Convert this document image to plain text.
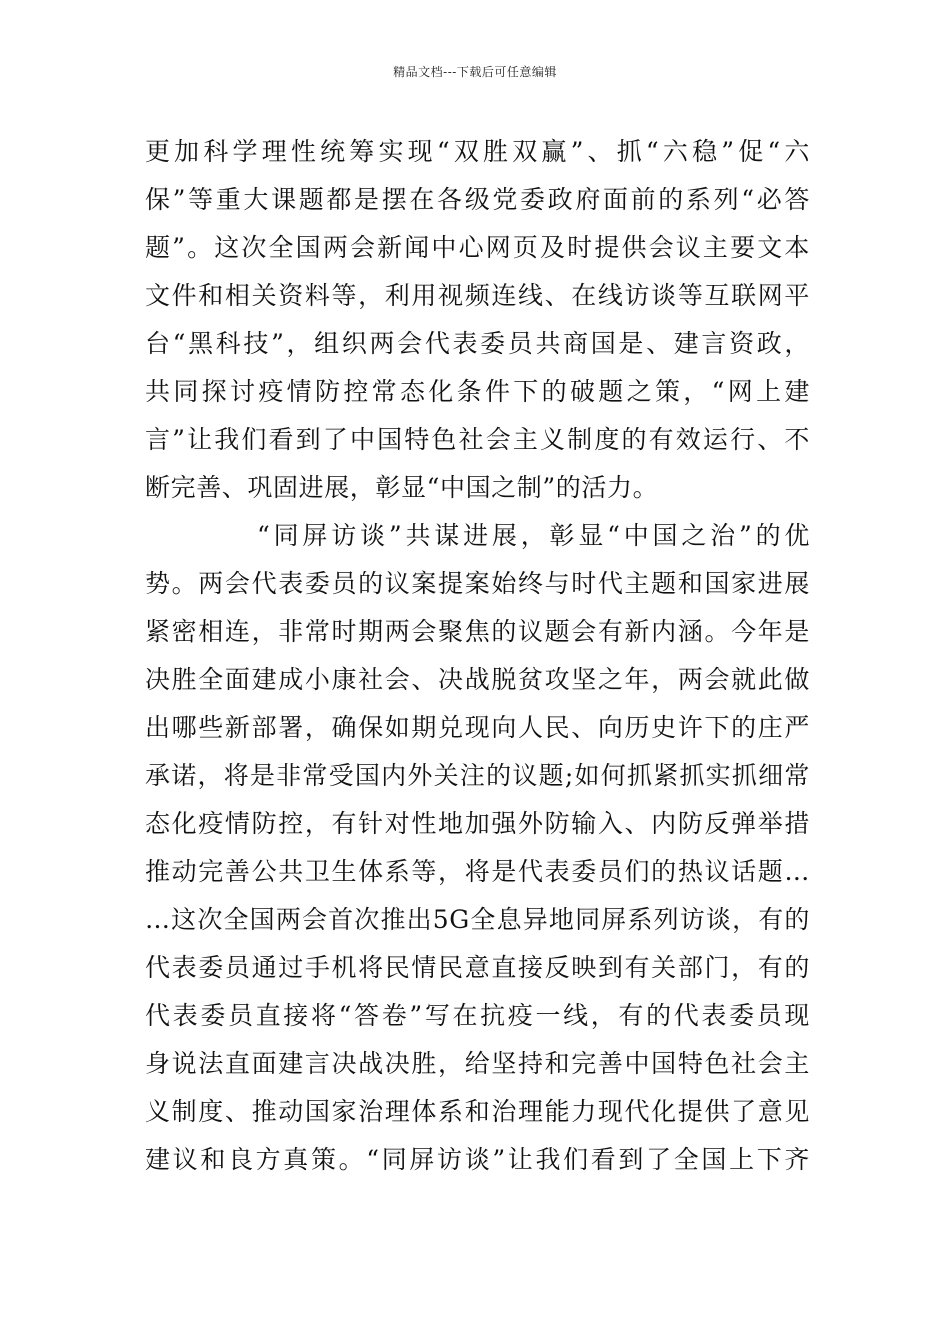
精品文档---下载后可任意编辑
更加科学理性统筹实现“双胜双赢”、抓“六稳”促“六
保”等重大课题都是摆在各级党委政府面前的系列“必答
题”。这次全国两会新闻中心网页及时提供会议主要文本
文件和相关资料等，利用视频连线、在线访谈等互联网平
台“黑科技”，组织两会代表委员共商国是、建言资政，
共同探讨疫情防控常态化条件下的破题之策，“网上建
言”让我们看到了中国特色社会主义制度的有效运行、不
断完善、巩固进展，彰显“中国之制”的活力。
“同屏访谈”共谋进展，彰显“中国之治”的优
势。两会代表委员的议案提案始终与时代主题和国家进展
紧密相连，非常时期两会聚焦的议题会有新内涵。今年是
决胜全面建成小康社会、决战脱贫攻坚之年，两会就此做
出哪些新部署，确保如期兑现向人民、向历史许下的庄严
承诺，将是非常受国内外关注的议题;如何抓紧抓实抓细常
态化疫情防控，有针对性地加强外防输入、内防反弹举措
推动完善公共卫生体系等，将是代表委员们的热议话题…
…这次全国两会首次推出5G全息异地同屏系列访谈，有的
代表委员通过手机将民情民意直接反映到有关部门，有的
代表委员直接将“答卷”写在抗疫一线，有的代表委员现
身说法直面建言决战决胜，给坚持和完善中国特色社会主
义制度、推动国家治理体系和治理能力现代化提供了意见
建议和良方真策。“同屏访谈”让我们看到了全国上下齐
